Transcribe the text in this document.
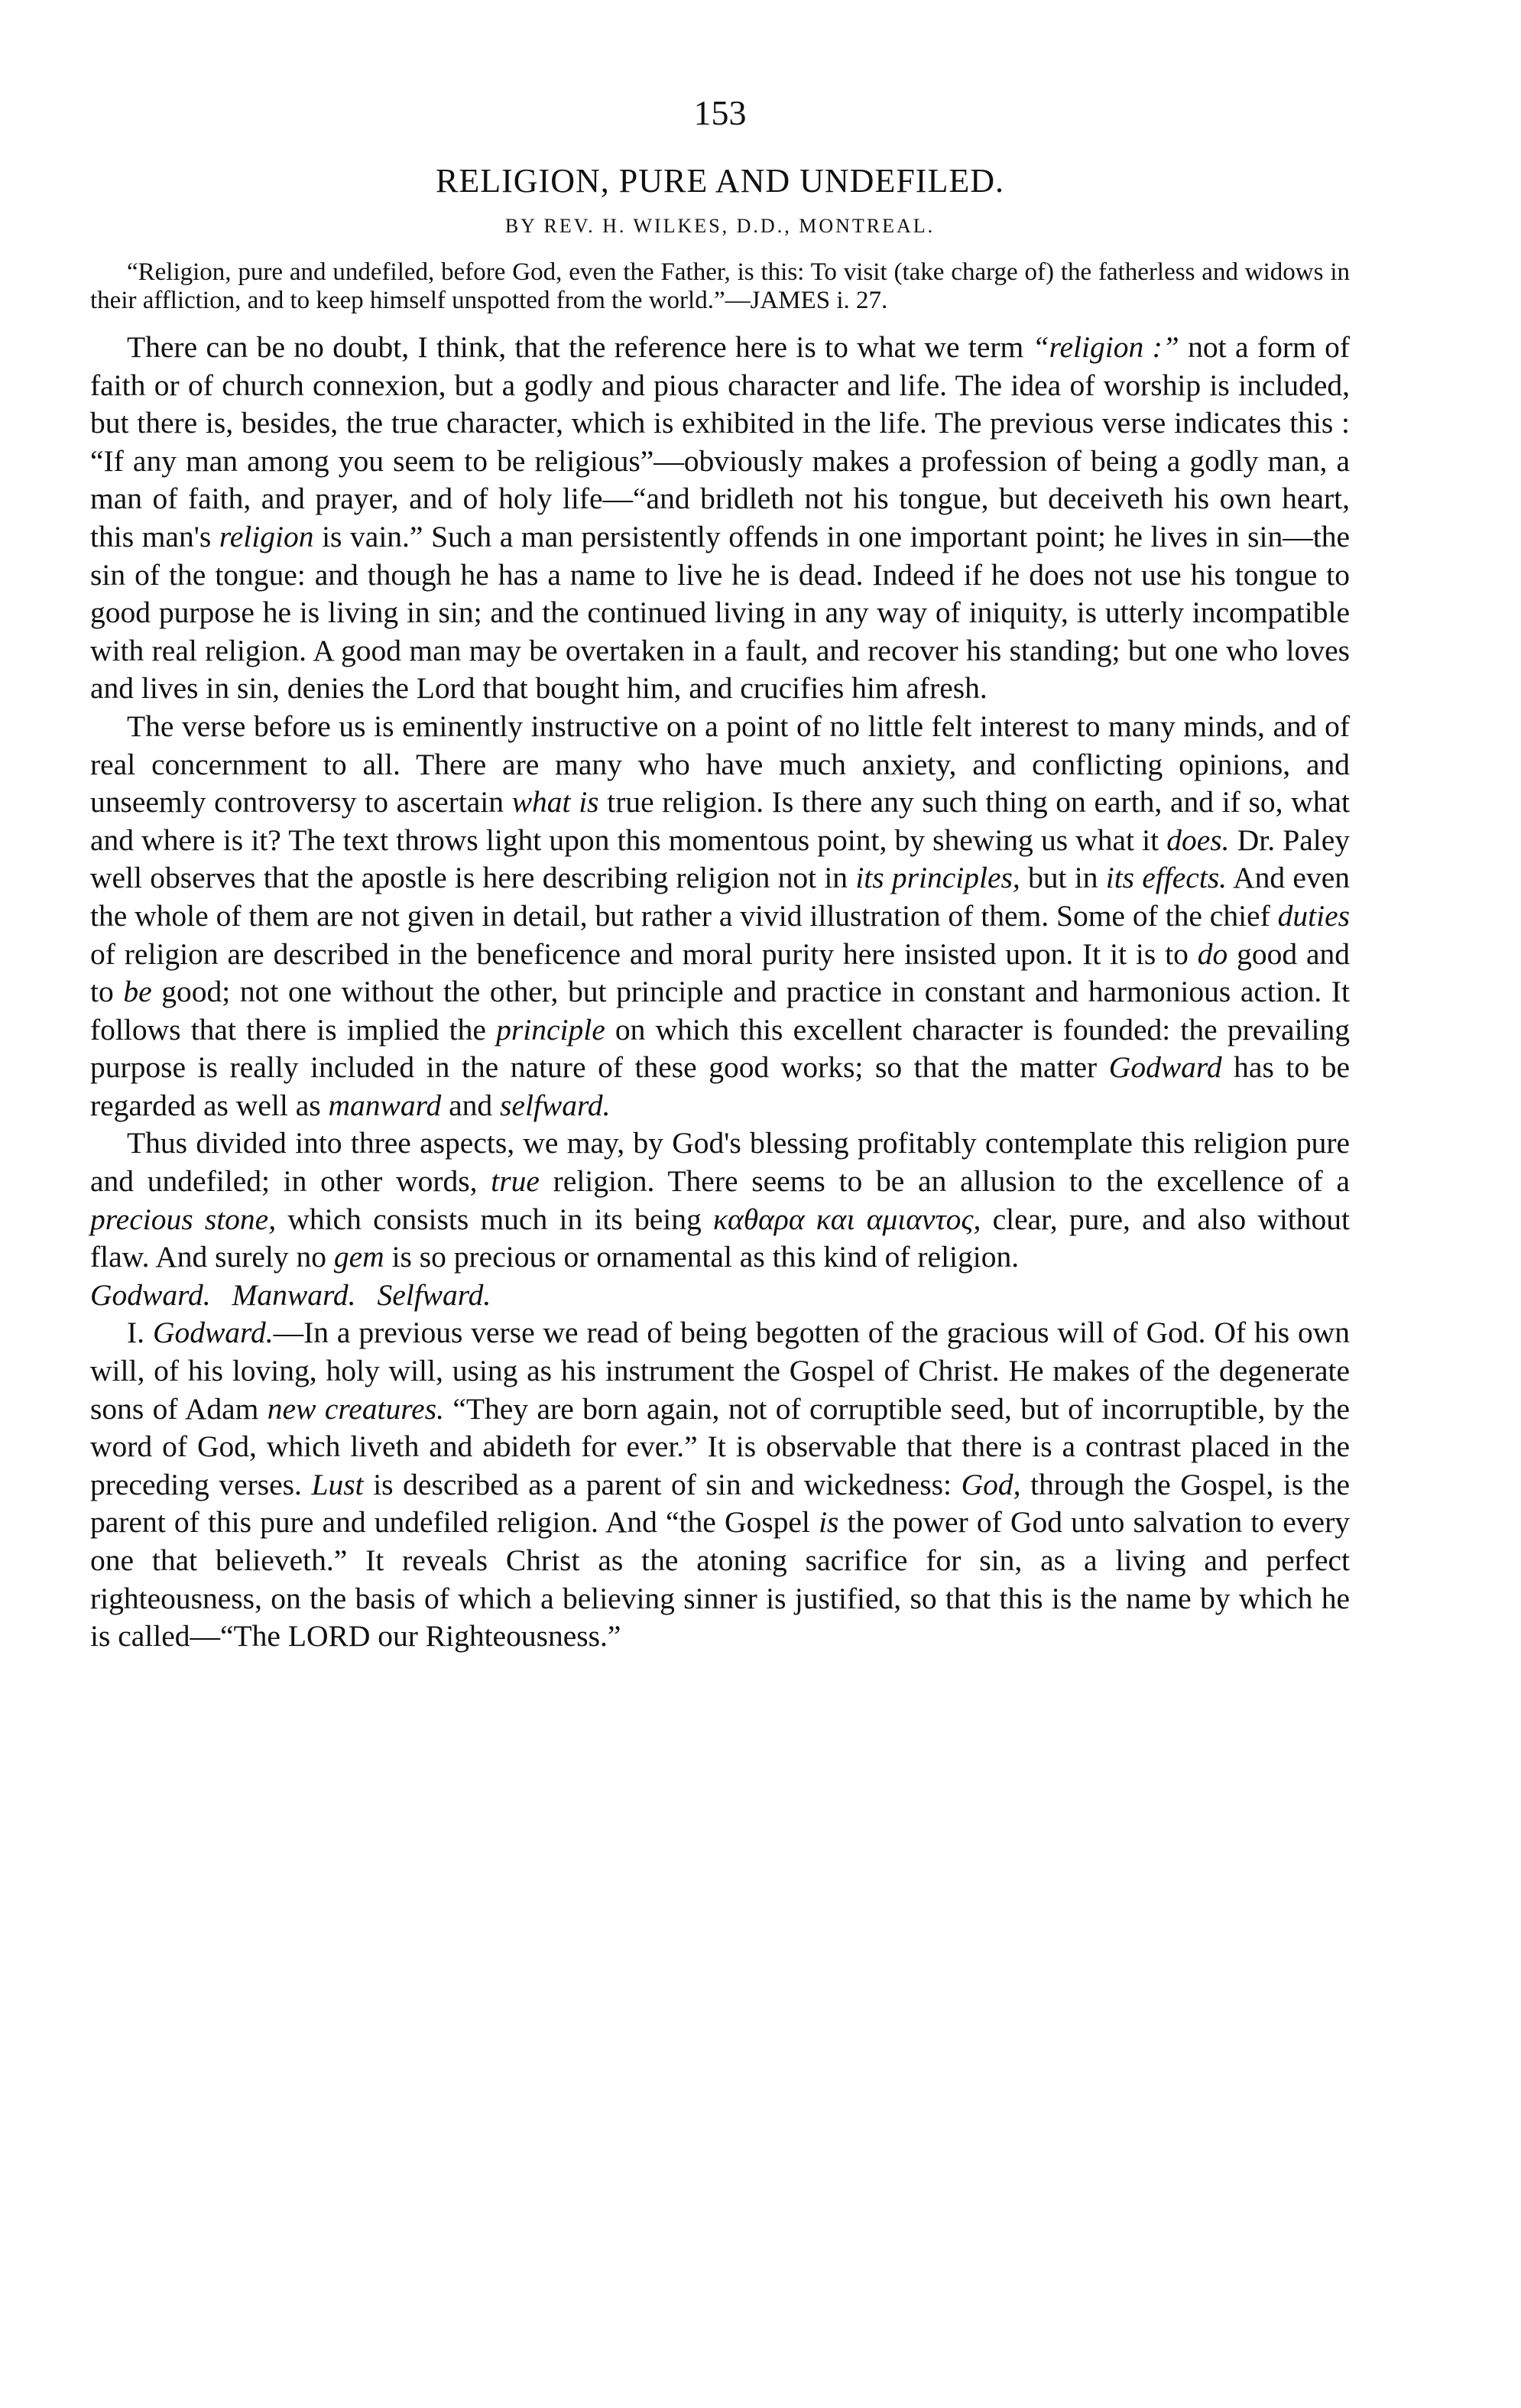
153
RELIGION, PURE AND UNDEFILED.
BY REV. H. WILKES, D.D., MONTREAL.

“Religion, pure and undefiled, before God, even the Father, is this: To visit (take charge of) the fatherless and widows in their affliction, and to keep himself unspotted from the world.”—JAMES i. 27.

There can be no doubt, I think, that the reference here is to what we term “religion :” not a form of faith or of church connexion, but a godly and pious character and life. The idea of worship is included, but there is, besides, the true character, which is exhibited in the life. The previous verse indicates this : “If any man among you seem to be religious”—obviously makes a profession of being a godly man, a man of faith, and prayer, and of holy life—“and bridleth not his tongue, but deceiveth his own heart, this man's religion is vain.” Such a man persistently offends in one important point; he lives in sin—the sin of the tongue: and though he has a name to live he is dead. Indeed if he does not use his tongue to good purpose he is living in sin; and the continued living in any way of iniquity, is utterly incompatible with real religion. A good man may be overtaken in a fault, and recover his standing; but one who loves and lives in sin, denies the Lord that bought him, and crucifies him afresh.

The verse before us is eminently instructive on a point of no little felt interest to many minds, and of real concernment to all. There are many who have much anxiety, and conflicting opinions, and unseemly controversy to ascertain what is true religion. Is there any such thing on earth, and if so, what and where is it? The text throws light upon this momentous point, by shewing us what it does. Dr. Paley well observes that the apostle is here describing religion not in its principles, but in its effects. And even the whole of them are not given in detail, but rather a vivid illustration of them. Some of the chief duties of religion are described in the beneficence and moral purity here insisted upon. It it is to do good and to be good; not one without the other, but principle and practice in constant and harmonious action. It follows that there is implied the principle on which this excellent character is founded: the prevailing purpose is really included in the nature of these good works; so that the matter Godward has to be regarded as well as manward and selfward.

Thus divided into three aspects, we may, by God's blessing profitably contemplate this religion pure and undefiled; in other words, true religion. There seems to be an allusion to the excellence of a precious stone, which consists much in its being καθαρα και αμιαντος, clear, pure, and also without flaw. And surely no gem is so precious or ornamental as this kind of religion.

Godward. Manward. Selfward.

I. Godward.—In a previous verse we read of being begotten of the gracious will of God. Of his own will, of his loving, holy will, using as his instrument the Gospel of Christ. He makes of the degenerate sons of Adam new creatures. “They are born again, not of corruptible seed, but of incorruptible, by the word of God, which liveth and abideth for ever.” It is observable that there is a contrast placed in the preceding verses. Lust is described as a parent of sin and wickedness: God, through the Gospel, is the parent of this pure and undefiled religion. And “the Gospel is the power of God unto salvation to every one that believeth.” It reveals Christ as the atoning sacrifice for sin, as a living and perfect righteousness, on the basis of which a believing sinner is justified, so that this is the name by which he is called—“The LORD our Righteousness.”
